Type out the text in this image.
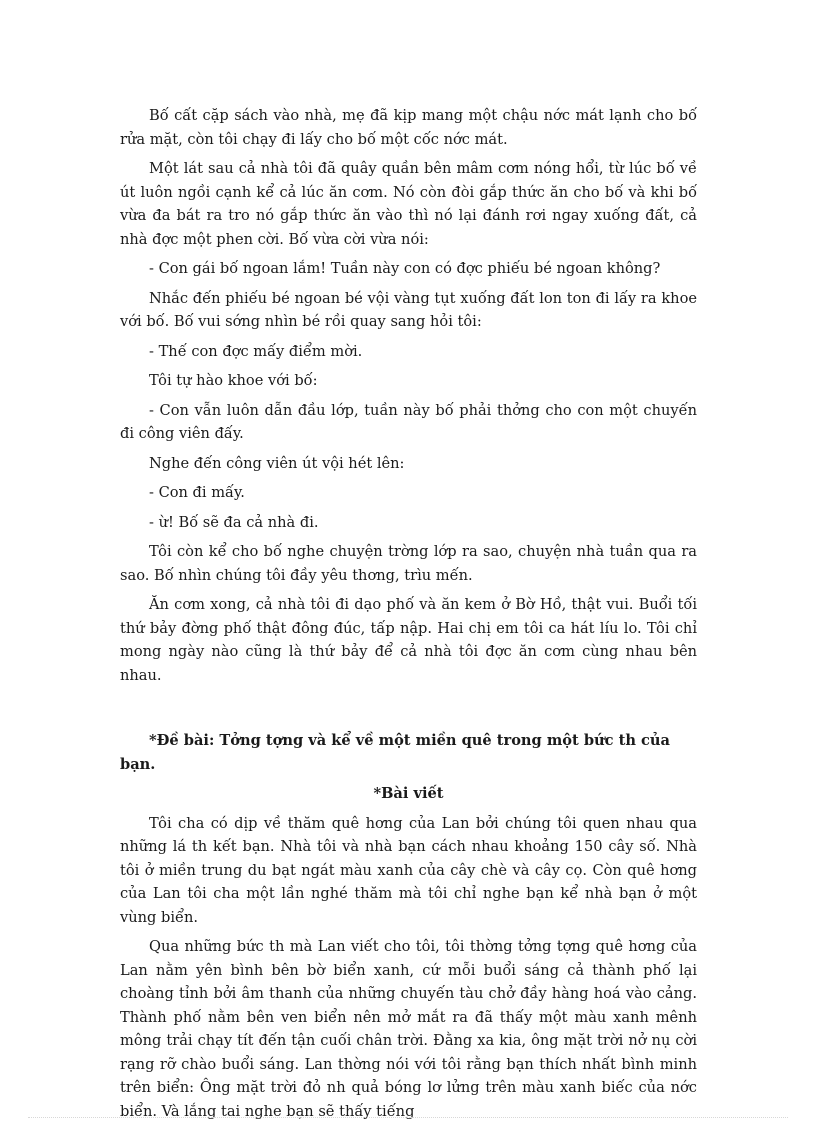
Bố cất cặp sách vào nhà, mẹ đã kịp mang một chậu nớc mát lạnh cho bố rửa mặt, còn tôi chạy đi lấy cho bố một cốc nớc mát.

Một lát sau cả nhà tôi đã quây quần bên mâm cơm nóng hổi, từ lúc bố về út luôn ngồi cạnh kể cả lúc ăn cơm. Nó còn đòi gắp thức ăn cho bố và khi bố vừa đa bát ra tro nó gắp thức ăn vào thì nó lại đánh rơi ngay xuống đất, cả nhà đợc một phen cời. Bố vừa cời vừa nói:

- Con gái bố ngoan lắm! Tuần này con có đợc phiếu bé ngoan không?

Nhắc đến phiếu bé ngoan bé vội vàng tụt xuống đất lon ton đi lấy ra khoe với bố. Bố vui sớng nhìn bé rồi quay sang hỏi tôi:

- Thế con đợc mấy điểm mời.

Tôi tự hào khoe với bố:

- Con vẫn luôn dẫn đầu lớp, tuần này bố phải thởng cho con một chuyến đi công viên đấy.

Nghe đến công viên út vội hét lên:

- Con đi mấy.

- ừ! Bố sẽ đa cả nhà đi.

Tôi còn kể cho bố nghe chuyện trờng lớp ra sao, chuyện nhà tuần qua ra sao. Bố nhìn chúng tôi đầy yêu thơng, trìu mến.

Ăn cơm xong, cả nhà tôi đi dạo phố và ăn kem ở Bờ Hồ, thật vui. Buổi tối thứ bảy đờng phố thật đông đúc, tấp nập. Hai chị em tôi ca hát líu lo. Tôi chỉ mong ngày nào cũng là thứ bảy để cả nhà tôi đợc ăn cơm cùng nhau bên nhau.

*Đề bài: Tởng tợng và kể về một miền quê trong một bức th của bạn.

*Bài viết

Tôi cha có dịp về thăm quê hơng của Lan bởi chúng tôi quen nhau qua những lá th kết bạn. Nhà tôi và nhà bạn cách nhau khoảng 150 cây số. Nhà tôi ở miền trung du bạt ngát màu xanh của cây chè và cây cọ. Còn quê hơng của Lan tôi cha một lần nghé thăm mà tôi chỉ nghe bạn kể nhà bạn ở một vùng biển.

Qua những bức th mà Lan viết cho tôi, tôi thờng tởng tợng quê hơng của Lan nằm yên bình bên bờ biển xanh, cứ mỗi buổi sáng cả thành phố lại choàng tỉnh bởi âm thanh của những chuyến tàu chở đầy hàng hoá vào cảng. Thành phố nằm bên ven biển nên mở mắt ra đã thấy một màu xanh mênh mông trải chạy tít đến tận cuối chân trời. Đằng xa kia, ông mặt trời nở nụ cời rạng rỡ chào buổi sáng. Lan thờng nói với tôi rằng bạn thích nhất bình minh trên biển: Ông mặt trời đỏ nh quả bóng lơ lửng trên màu xanh biếc của nớc biển. Và lắng tai nghe bạn sẽ thấy tiếng
